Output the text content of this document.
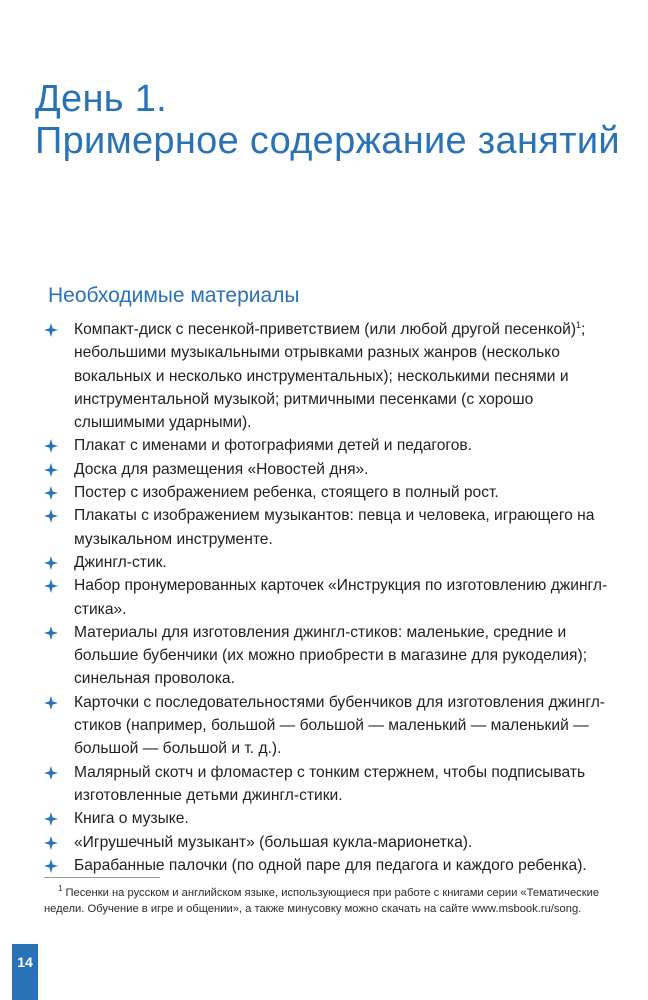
День 1.
Примерное содержание занятий
Необходимые материалы
Компакт-диск с песенкой-приветствием (или любой другой песенкой)$^1$; небольшими музыкальными отрывками разных жанров (несколько вокальных и несколько инструментальных); несколькими песнями и инструментальной музыкой; ритмичными песенками (с хорошо слышимыми ударными).
Плакат с именами и фотографиями детей и педагогов.
Доска для размещения «Новостей дня».
Постер с изображением ребенка, стоящего в полный рост.
Плакаты с изображением музыкантов: певца и человека, играющего на музыкальном инструменте.
Джингл-стик.
Набор пронумерованных карточек «Инструкция по изготовлению джингл-стика».
Материалы для изготовления джингл-стиков: маленькие, средние и большие бубенчики (их можно приобрести в магазине для рукоделия); синельная проволока.
Карточки с последовательностями бубенчиков для изготовления джингл-стиков (например, большой — большой — маленький — маленький — большой — большой и т. д.).
Малярный скотч и фломастер с тонким стержнем, чтобы подписывать изготовленные детьми джингл-стики.
Книга о музыке.
«Игрушечный музыкант» (большая кукла-марионетка).
Барабанные палочки (по одной паре для педагога и каждого ребенка).

$^1$ Песенки на русском и английском языке, использующиеся при работе с книгами серии «Тематические недели. Обучение в игре и общении», а также минусовку можно скачать на сайте www.msbook.ru/song.

14
